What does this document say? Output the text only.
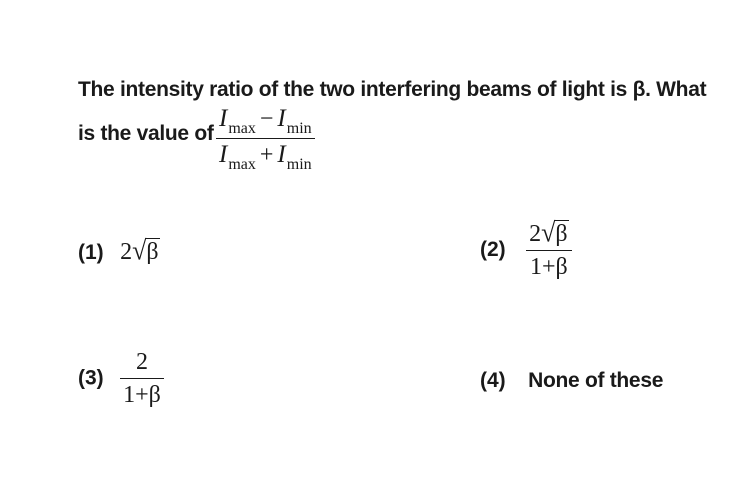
The intensity ratio of the two interfering beams of light is β. What
is the value of $\frac{I_{max} - I_{min}}{I_{max} + I_{min}}$
(1) 2√β	$(2) \frac{2√\beta}{1+\beta}$
$(3) \frac{2}{1+\beta}$	(4) None of these
